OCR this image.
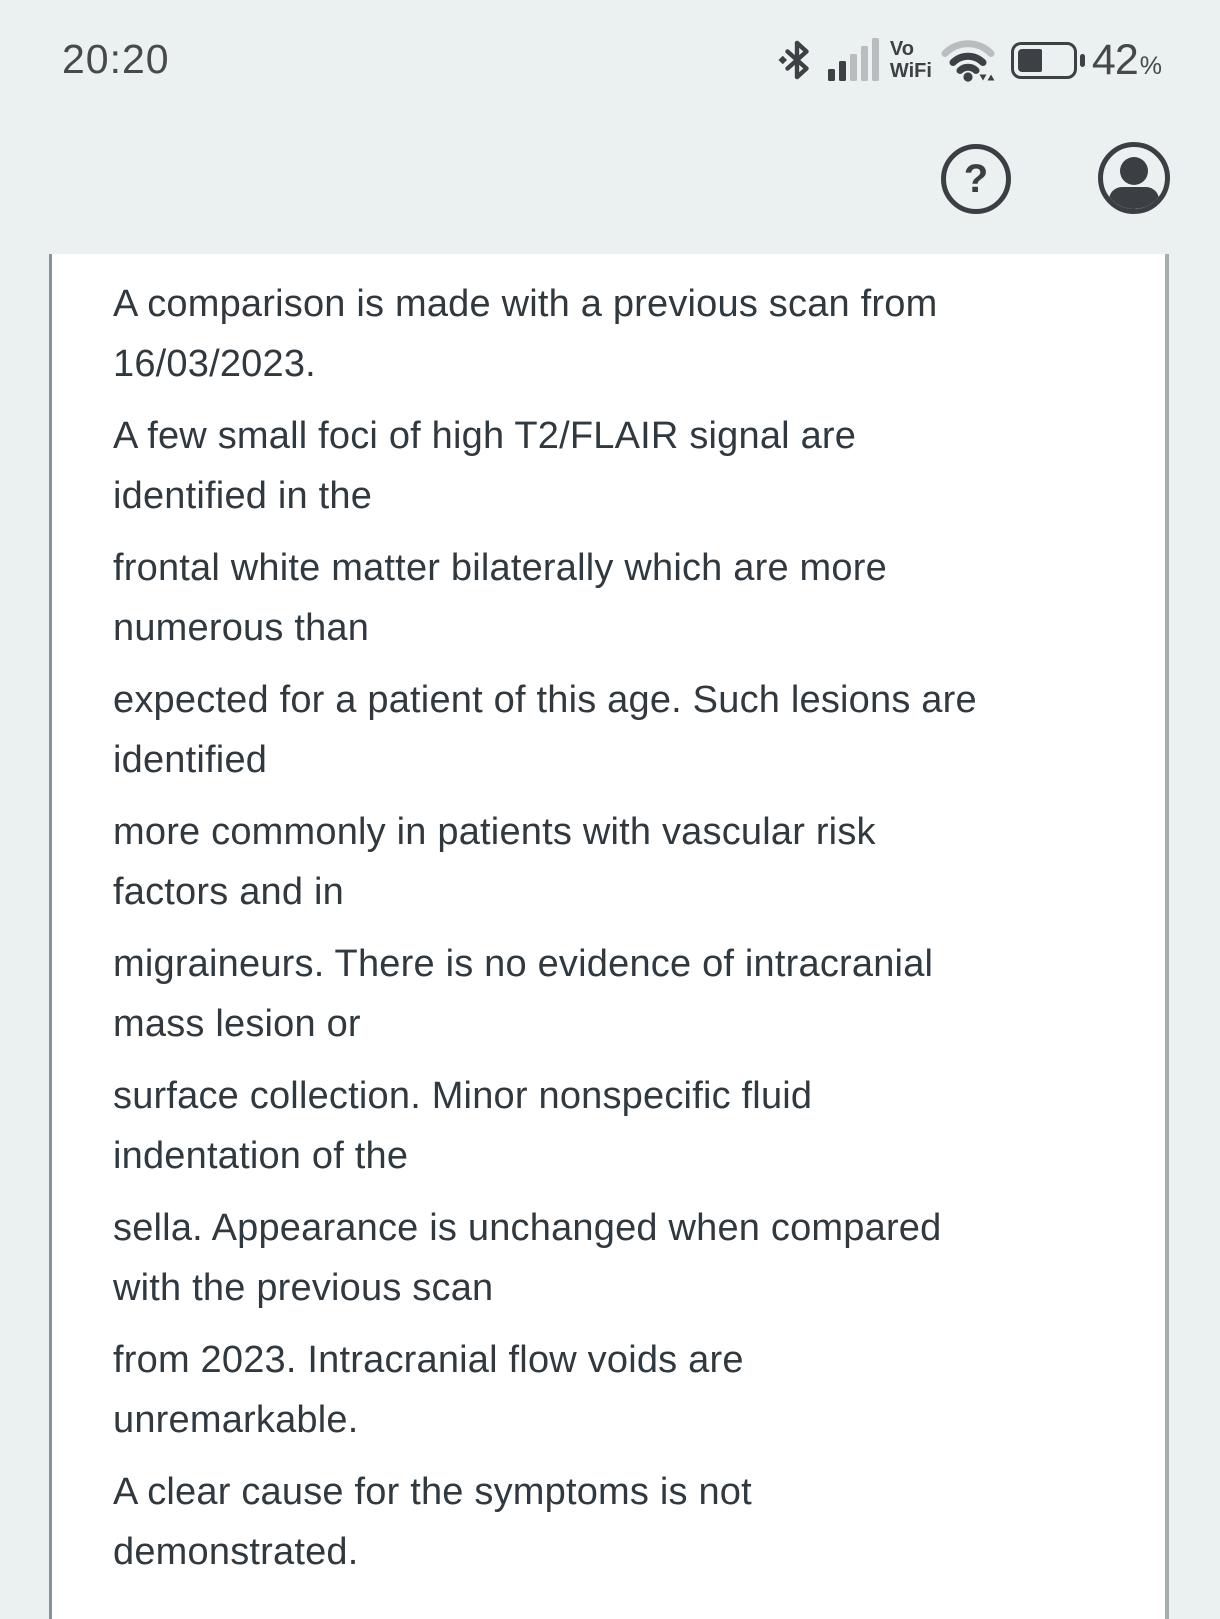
20:20	Vo
WiFi	42 %
?

A comparison is made with a previous scan from
16/03/2023.

A few small foci of high T2/FLAIR signal are
identified in the

frontal white matter bilaterally which are more
numerous than

expected for a patient of this age. Such lesions are
identified

more commonly in patients with vascular risk
factors and in

migraineurs. There is no evidence of intracranial
mass lesion or

surface collection. Minor nonspecific fluid
indentation of the

sella. Appearance is unchanged when compared
with the previous scan

from 2023. Intracranial flow voids are
unremarkable.

A clear cause for the symptoms is not
demonstrated.
